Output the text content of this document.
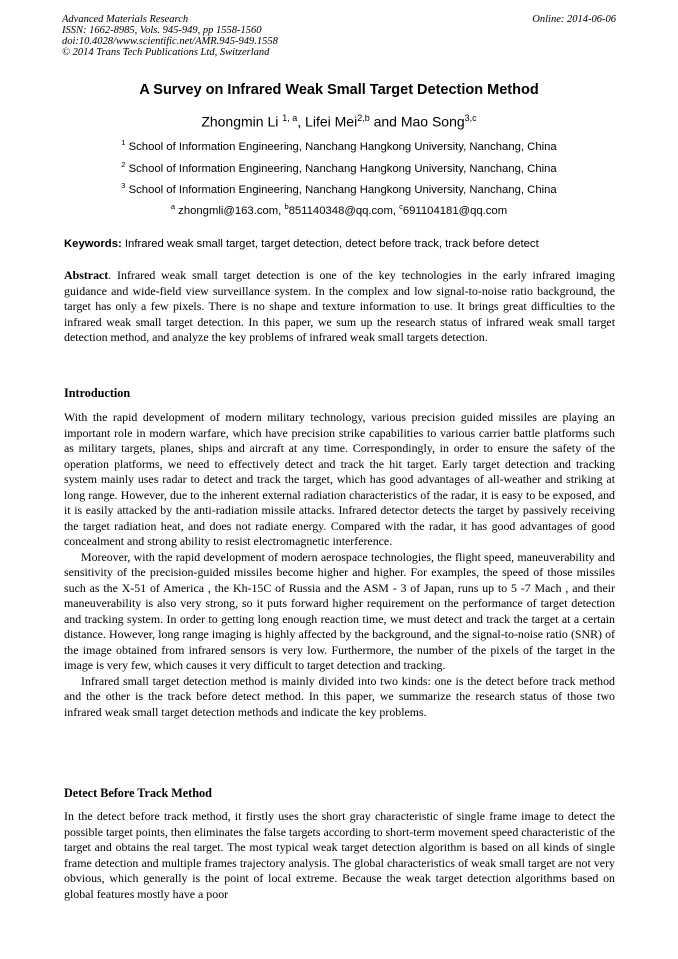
Advanced Materials Research
ISSN: 1662-8985, Vols. 945-949, pp 1558-1560
doi:10.4028/www.scientific.net/AMR.945-949.1558
© 2014 Trans Tech Publications Ltd, Switzerland
Online: 2014-06-06
A Survey on Infrared Weak Small Target Detection Method
Zhongmin Li $^{1, a}$, Lifei Mei$^{2,b}$ and Mao Song$^{3,c}$
$^1$ School of Information Engineering, Nanchang Hangkong University, Nanchang, China
$^2$ School of Information Engineering, Nanchang Hangkong University, Nanchang, China
$^3$ School of Information Engineering, Nanchang Hangkong University, Nanchang, China
$^a$ zhongmli@163.com, $^b$851140348@qq.com, $^c$691104181@qq.com
Keywords: Infrared weak small target, target detection, detect before track, track before detect

Abstract. Infrared weak small target detection is one of the key technologies in the early infrared imaging guidance and wide-field view surveillance system. In the complex and low signal-to-noise ratio background, the target has only a few pixels. There is no shape and texture information to use. It brings great difficulties to the infrared weak small target detection. In this paper, we sum up the research status of infrared weak small target detection method, and analyze the key problems of infrared weak small targets detection.

Introduction

With the rapid development of modern military technology, various precision guided missiles are playing an important role in modern warfare, which have precision strike capabilities to various carrier battle platforms such as military targets, planes, ships and aircraft at any time. Correspondingly, in order to ensure the safety of the operation platforms, we need to effectively detect and track the hit target. Early target detection and tracking system mainly uses radar to detect and track the target, which has good advantages of all-weather and striking at long range. However, due to the inherent external radiation characteristics of the radar, it is easy to be exposed, and it is easily attacked by the anti-radiation missile attacks. Infrared detector detects the target by passively receiving the target radiation heat, and does not radiate energy. Compared with the radar, it has good advantages of good concealment and strong ability to resist electromagnetic interference.

Moreover, with the rapid development of modern aerospace technologies, the flight speed, maneuverability and sensitivity of the precision-guided missiles become higher and higher. For examples, the speed of those missiles such as the X-51 of America , the Kh-15C of Russia and the ASM - 3 of Japan, runs up to 5 -7 Mach , and their maneuverability is also very strong, so it puts forward higher requirement on the performance of target detection and tracking system. In order to getting long enough reaction time, we must detect and track the target at a certain distance. However, long range imaging is highly affected by the background, and the signal-to-noise ratio (SNR) of the image obtained from infrared sensors is very low. Furthermore, the number of the pixels of the target in the image is very few, which causes it very difficult to target detection and tracking.

Infrared small target detection method is mainly divided into two kinds: one is the detect before track method and the other is the track before detect method. In this paper, we summarize the research status of those two infrared weak small target detection methods and indicate the key problems.

Detect Before Track Method

In the detect before track method, it firstly uses the short gray characteristic of single frame image to detect the possible target points, then eliminates the false targets according to short-term movement speed characteristic of the target and obtains the real target. The most typical weak target detection algorithm is based on all kinds of single frame detection and multiple frames trajectory analysis. The global characteristics of weak small target are not very obvious, which generally is the point of local extreme. Because the weak target detection algorithms based on global features mostly have a poor
